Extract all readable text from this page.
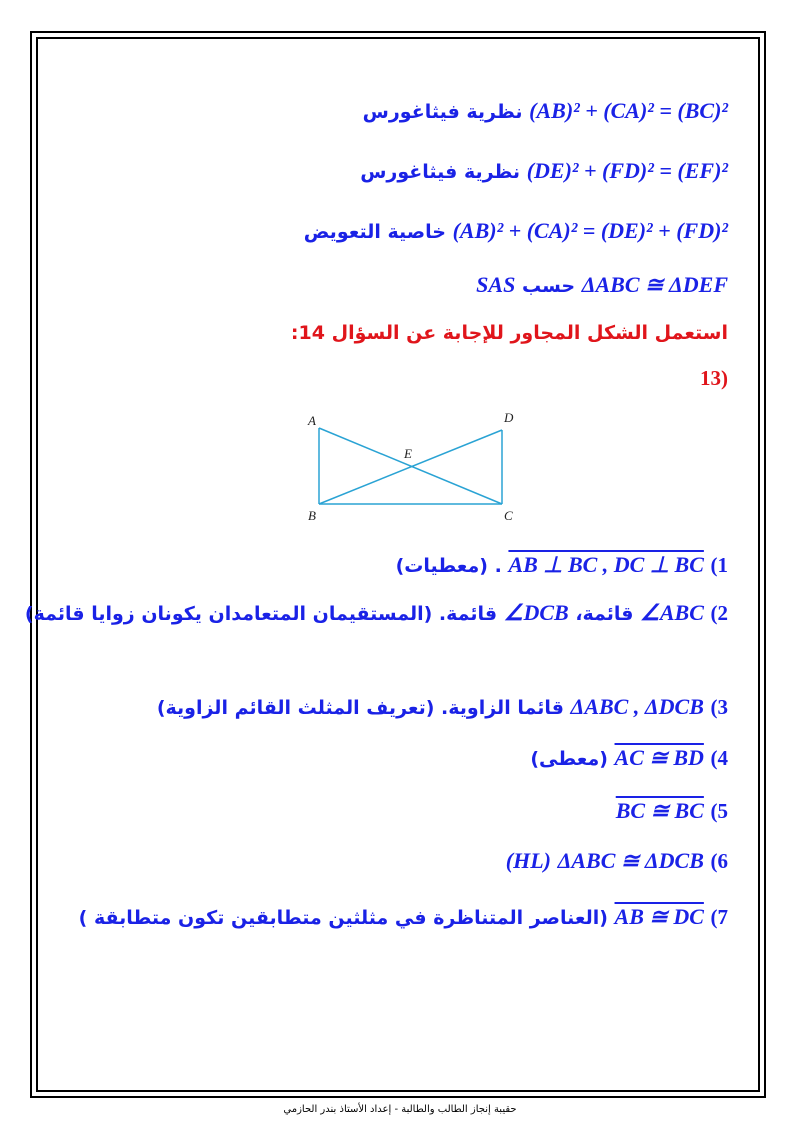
(AB)² + (CA)² = (BC)² نظرية فيثاغورس
(DE)² + (FD)² = (EF)² نظرية فيثاغورس
(AB)² + (CA)² = (DE)² + (FD)² خاصية التعويض
ΔABC ≅ ΔDEF حسب SAS
استعمل الشكل المجاور للإجابة عن السؤال 14:
(13
A	D
E
B	C
1) AB ⊥ BC , DC ⊥ BC . (معطيات)
2) ∠ABC قائمة، ∠DCB قائمة. (المستقيمان المتعامدان يكونان زوايا قائمة)
3) ΔABC , ΔDCB قائما الزاوية. (تعريف المثلث القائم الزاوية)
4) AC ≅ BD (معطى)
5) BC ≅ BC
6) ΔABC ≅ ΔDCB (HL)
7) AB ≅ DC (العناصر المتناظرة في مثلثين متطابقين تكون متطابقة )
حقيبة إنجاز الطالب والطالبة - إعداد الأستاذ بندر الحازمي
